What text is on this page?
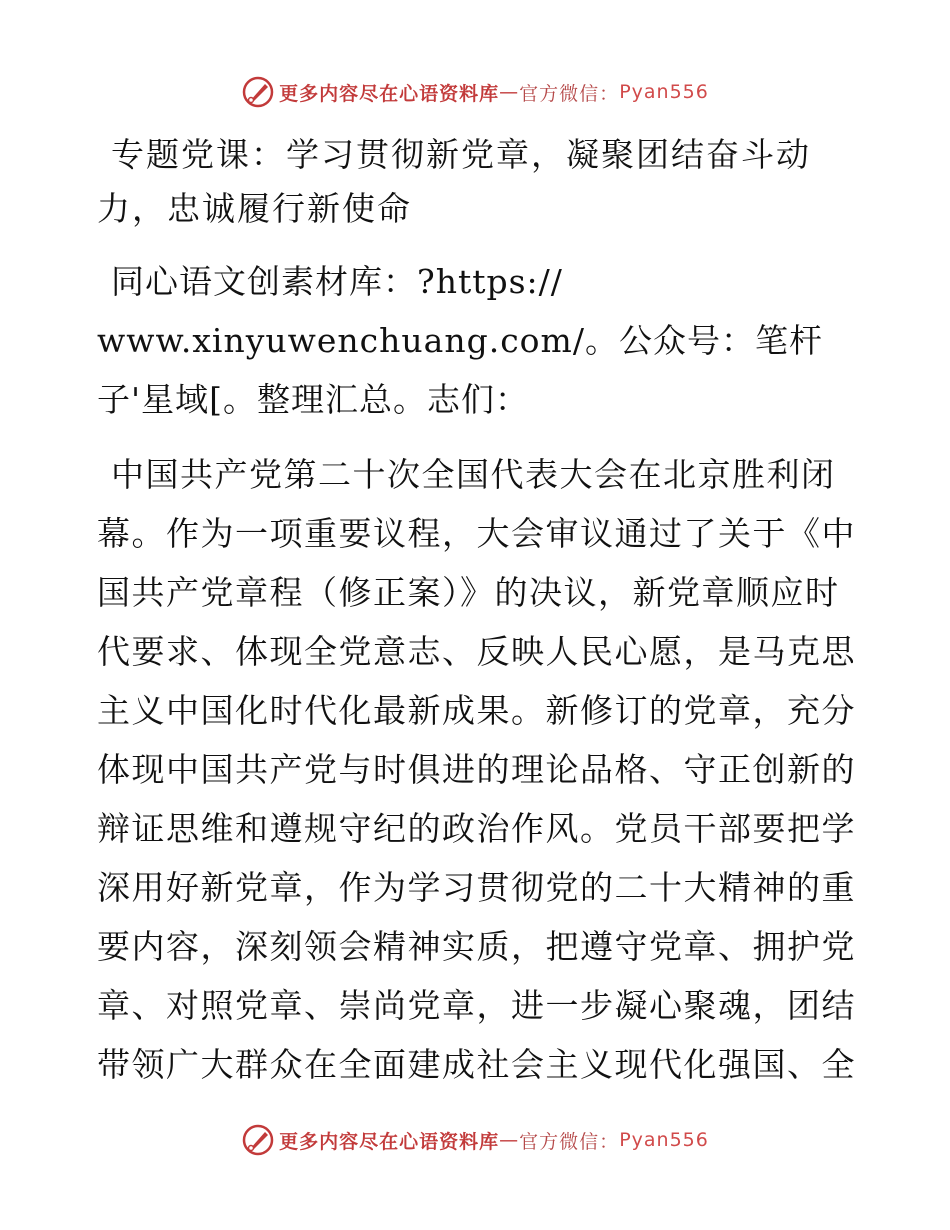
更多内容尽在心语资料库 — 官方微信： Pyan556
专题党课：学习贯彻新党章，凝聚团结奋斗动力，忠诚履行新使命

同心语文创素材库：?https://
www.xinyuwenchuang.com/。公众号：笔杆子'星域[。整理汇总。志们：

中国共产党第二十次全国代表大会在北京胜利闭幕。作为一项重要议程，大会审议通过了关于《中国共产党章程（修正案）》的决议，新党章顺应时代要求、体现全党意志、反映人民心愿，是马克思主义中国化时代化最新成果。新修订的党章，充分体现中国共产党与时俱进的理论品格、守正创新的辩证思维和遵规守纪的政治作风。党员干部要把学深用好新党章，作为学习贯彻党的二十大精神的重要内容，深刻领会精神实质，把遵守党章、拥护党章、对照党章、崇尚党章，进一步凝心聚魂，团结带领广大群众在全面建成社会主义现代化强国、全

更多内容尽在心语资料库 — 官方微信： Pyan556
